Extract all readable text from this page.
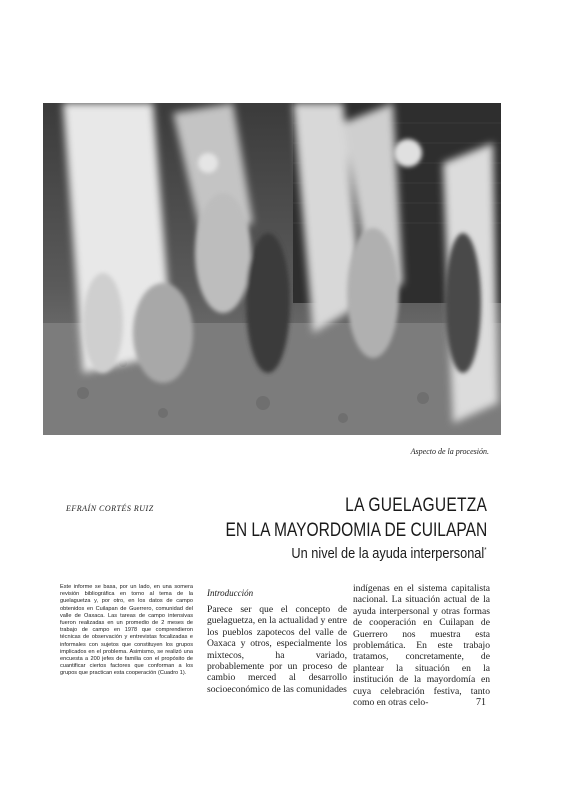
Aspecto de la procesión.
EFRAÍN CORTÉS RUIZ	LA GUELAGUETZA
EN LA MAYORDOMIA DE CUILAPAN
Un nivel de la ayuda interpersonal*
Este informe se basa, por un lado, en una somera revisión bibliográfica en torno al tema de la guelaguetza y, por otro, en los datos de campo obtenidos en Cuilapan de Guerrero, comunidad del valle de Oaxaca. Las tareas de campo intensivas fueron realizadas en un promedio de 2 meses de trabajo de campo en 1978 que comprendieron técnicas de observación y entrevistas focalizadas e informales con sujetos que constituyen los grupos implicados en el problema. Asimismo, se realizó una encuesta a 200 jefes de familia con el propósito de cuantificar ciertos factores que conforman a los grupos que practican esta cooperación (Cuadro 1).
Introducción
Parece ser que el concepto de guelaguetza, en la actualidad y entre los pueblos zapotecos del valle de Oaxaca y otros, especialmente los mixtecos, ha variado, probablemente por un proceso de cambio merced al desarrollo socioeconómico de las comunidades
indígenas en el sistema capitalista nacional. La situación actual de la ayuda interpersonal y otras formas de cooperación en Cuilapan de Guerrero nos muestra esta problemática. En este trabajo tratamos, concretamente, de plantear la situación en la institución de la mayordomía en cuya celebración festiva, tanto como en otras celo-	71
